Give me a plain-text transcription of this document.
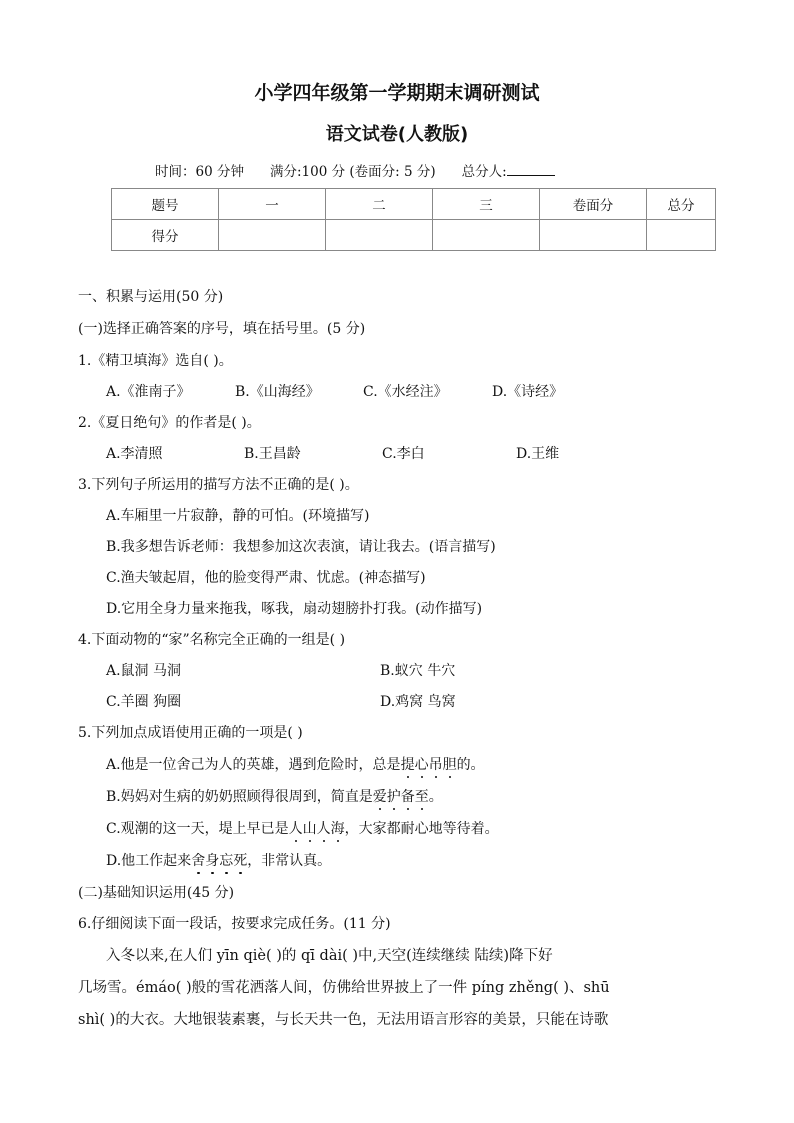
小学四年级第一学期期末调研测试
语文试卷(人教版)
时间：60 分钟 满分:100 分 (卷面分: 5 分) 总分人:
题号	一	二	三	卷面分	总分
得分					
一、积累与运用(50 分)
(一)选择正确答案的序号，填在括号里。(5 分)
1.《精卫填海》选自( )。
A.《淮南子》	B.《山海经》	C.《水经注》	D.《诗经》
2.《夏日绝句》的作者是( )。
A.李清照	B.王昌龄	C.李白	D.王维
3.下列句子所运用的描写方法不正确的是( )。
A.车厢里一片寂静，静的可怕。(环境描写)
B.我多想告诉老师：我想参加这次表演，请让我去。(语言描写)
C.渔夫皱起眉，他的脸变得严肃、忧虑。(神态描写)
D.它用全身力量来拖我，啄我，扇动翅膀扑打我。(动作描写)
4.下面动物的“家”名称完全正确的一组是( )
A.鼠洞 马洞	B.蚁穴 牛穴
C.羊圈 狗圈	D.鸡窝 鸟窝
5.下列加点成语使用正确的一项是( )
A.他是一位舍己为人的英雄，遇到危险时，总是提心吊胆的。
B.妈妈对生病的奶奶照顾得很周到，简直是爱护备至。
C.观潮的这一天，堤上早已是人山人海，大家都耐心地等待着。
D.他工作起来舍身忘死，非常认真。
(二)基础知识运用(45 分)
6.仔细阅读下面一段话，按要求完成任务。(11 分)
入冬以来,在人们 yīn qiè( )的 qī dài( )中,天空(连续继续 陆续)降下好
几场雪。émáo( )般的雪花洒落人间，仿佛给世界披上了一件 píng zhěng( )、shū
shì( )的大衣。大地银装素裹，与长天共一色，无法用语言形容的美景，只能在诗歌
